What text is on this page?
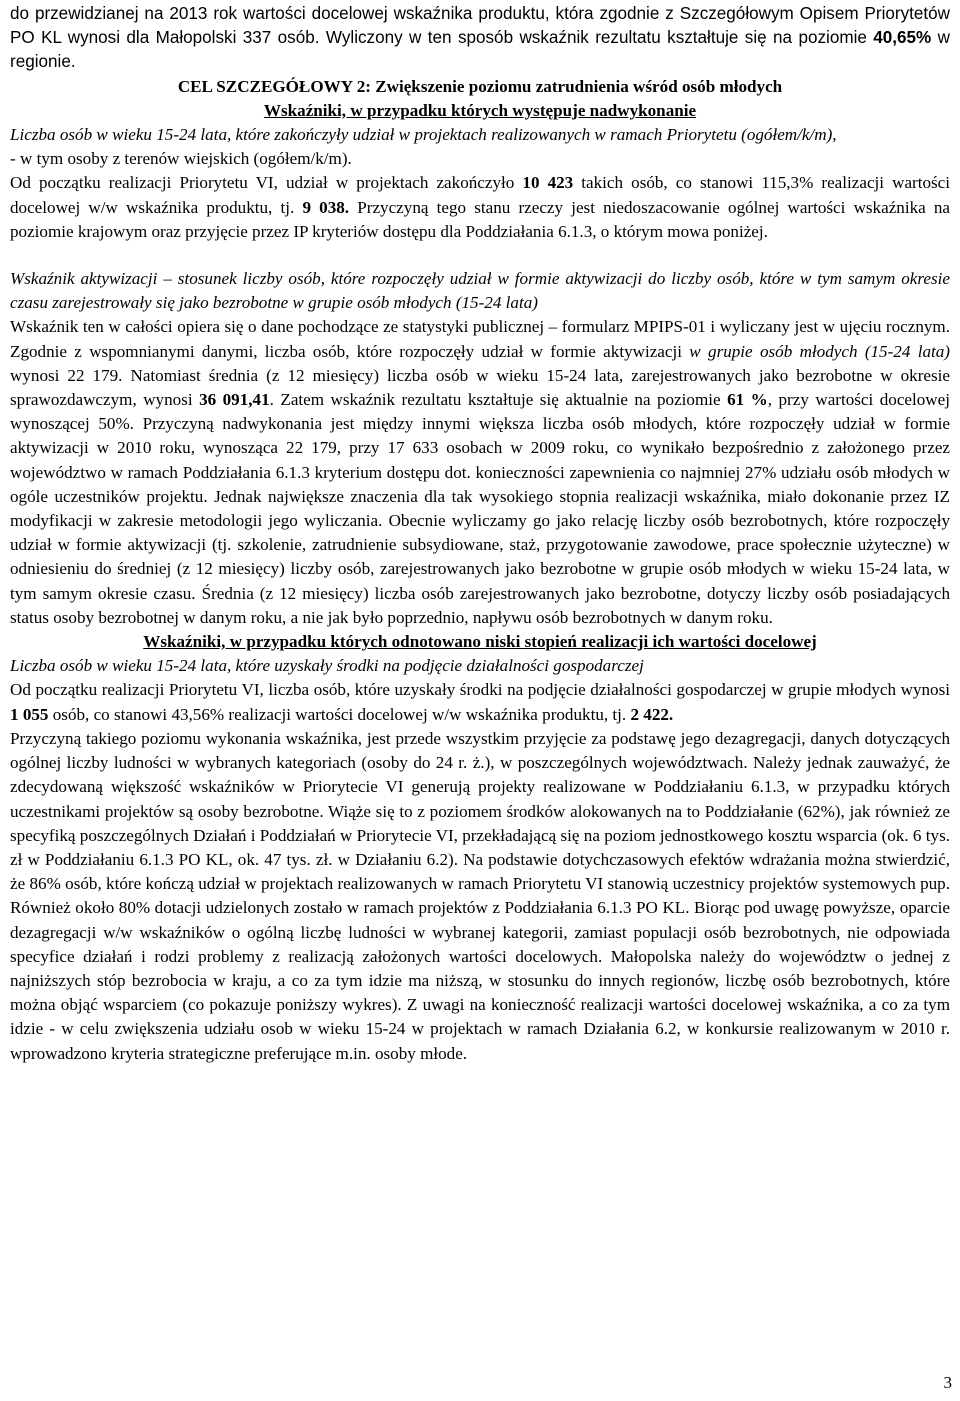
do przewidzianej na 2013 rok wartości docelowej wskaźnika produktu, która zgodnie z Szczegółowym Opisem Priorytetów PO KL wynosi dla Małopolski 337 osób. Wyliczony w ten sposób wskaźnik rezultatu kształtuje się na poziomie 40,65% w regionie.

CEL SZCZEGÓŁOWY 2: Zwiększenie poziomu zatrudnienia wśród osób młodych

Wskaźniki, w przypadku których występuje nadwykonanie

Liczba osób w wieku 15-24 lata, które zakończyły udział w projektach realizowanych w ramach Priorytetu (ogółem/k/m),

- w tym osoby z terenów wiejskich (ogółem/k/m).

Od początku realizacji Priorytetu VI, udział w projektach zakończyło 10 423 takich osób, co stanowi 115,3% realizacji wartości docelowej w/w wskaźnika produktu, tj. 9 038. Przyczyną tego stanu rzeczy jest niedoszacowanie ogólnej wartości wskaźnika na poziomie krajowym oraz przyjęcie przez IP kryteriów dostępu dla Poddziałania 6.1.3, o którym mowa poniżej.

Wskaźnik aktywizacji – stosunek liczby osób, które rozpoczęły udział w formie aktywizacji do liczby osób, które w tym samym okresie czasu zarejestrowały się jako bezrobotne w grupie osób młodych (15-24 lata)

Wskaźnik ten w całości opiera się o dane pochodzące ze statystyki publicznej – formularz MPIPS-01 i wyliczany jest w ujęciu rocznym. Zgodnie z wspomnianymi danymi, liczba osób, które rozpoczęły udział w formie aktywizacji w grupie osób młodych (15-24 lata) wynosi 22 179. Natomiast średnia (z 12 miesięcy) liczba osób w wieku 15-24 lata, zarejestrowanych jako bezrobotne w okresie sprawozdawczym, wynosi 36 091,41. Zatem wskaźnik rezultatu kształtuje się aktualnie na poziomie 61 %, przy wartości docelowej wynoszącej 50%. Przyczyną nadwykonania jest między innymi większa liczba osób młodych, które rozpoczęły udział w formie aktywizacji w 2010 roku, wynosząca 22 179, przy 17 633 osobach w 2009 roku, co wynikało bezpośrednio z założonego przez województwo w ramach Poddziałania 6.1.3 kryterium dostępu dot. konieczności zapewnienia co najmniej 27% udziału osób młodych w ogóle uczestników projektu. Jednak największe znaczenia dla tak wysokiego stopnia realizacji wskaźnika, miało dokonanie przez IZ modyfikacji w zakresie metodologii jego wyliczania. Obecnie wyliczamy go jako relację liczby osób bezrobotnych, które rozpoczęły udział w formie aktywizacji (tj. szkolenie, zatrudnienie subsydiowane, staż, przygotowanie zawodowe, prace społecznie użyteczne) w odniesieniu do średniej (z 12 miesięcy) liczby osób, zarejestrowanych jako bezrobotne w grupie osób młodych w wieku 15-24 lata, w tym samym okresie czasu. Średnia (z 12 miesięcy) liczba osób zarejestrowanych jako bezrobotne, dotyczy liczby osób posiadających status osoby bezrobotnej w danym roku, a nie jak było poprzednio, napływu osób bezrobotnych w danym roku.

Wskaźniki, w przypadku których odnotowano niski stopień realizacji ich wartości docelowej

Liczba osób w wieku 15-24 lata, które uzyskały środki na podjęcie działalności gospodarczej

Od początku realizacji Priorytetu VI, liczba osób, które uzyskały środki na podjęcie działalności gospodarczej w grupie młodych wynosi 1 055 osób, co stanowi 43,56% realizacji wartości docelowej w/w wskaźnika produktu, tj. 2 422.

Przyczyną takiego poziomu wykonania wskaźnika, jest przede wszystkim przyjęcie za podstawę jego dezagregacji, danych dotyczących ogólnej liczby ludności w wybranych kategoriach (osoby do 24 r. ż.), w poszczególnych województwach. Należy jednak zauważyć, że zdecydowaną większość wskaźników w Priorytecie VI generują projekty realizowane w Poddziałaniu 6.1.3, w przypadku których uczestnikami projektów są osoby bezrobotne. Wiąże się to z poziomem środków alokowanych na to Poddziałanie (62%), jak również ze specyfiką poszczególnych Działań i Poddziałań w Priorytecie VI, przekładającą się na poziom jednostkowego kosztu wsparcia (ok. 6 tys. zł w Poddziałaniu 6.1.3 PO KL, ok. 47 tys. zł. w Działaniu 6.2). Na podstawie dotychczasowych efektów wdrażania można stwierdzić, że 86% osób, które kończą udział w projektach realizowanych w ramach Priorytetu VI stanowią uczestnicy projektów systemowych pup. Również około 80% dotacji udzielonych zostało w ramach projektów z Poddziałania 6.1.3 PO KL. Biorąc pod uwagę powyższe, oparcie dezagregacji w/w wskaźników o ogólną liczbę ludności w wybranej kategorii, zamiast populacji osób bezrobotnych, nie odpowiada specyfice działań i rodzi problemy z realizacją założonych wartości docelowych. Małopolska należy do województw o jednej z najniższych stóp bezrobocia w kraju, a co za tym idzie ma niższą, w stosunku do innych regionów, liczbę osób bezrobotnych, które można objąć wsparciem (co pokazuje poniższy wykres). Z uwagi na konieczność realizacji wartości docelowej wskaźnika, a co za tym idzie - w celu zwiększenia udziału osob w wieku 15-24 w projektach w ramach Działania 6.2, w konkursie realizowanym w 2010 r. wprowadzono kryteria strategiczne preferujące m.in. osoby młode.

3
